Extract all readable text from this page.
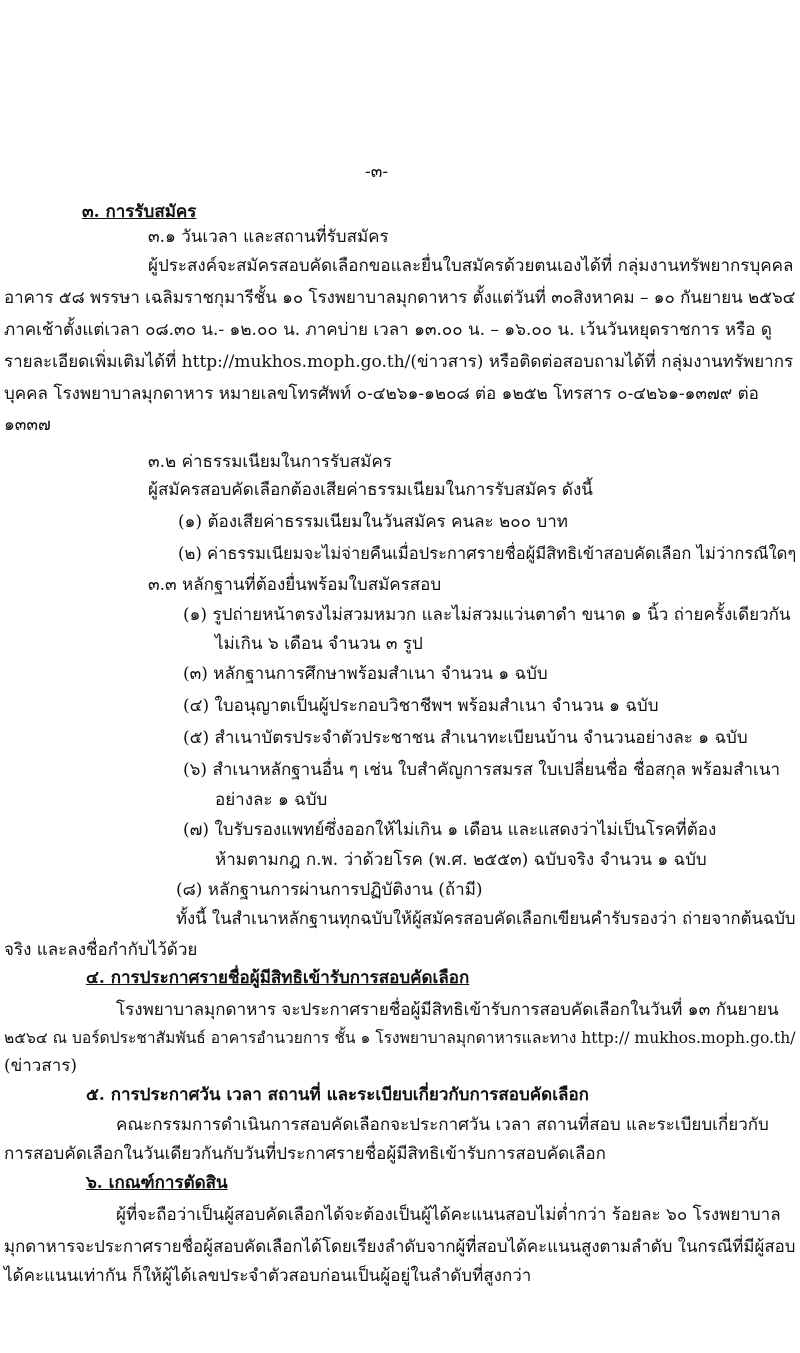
-๓-
๓. การรับสมัคร
๓.๑ วันเวลา และสถานที่รับสมัคร
ผู้ประสงค์จะสมัครสอบคัดเลือกขอและยื่นใบสมัครด้วยตนเองได้ที่ กลุ่มงานทรัพยากรบุคคล
อาคาร ๕๘ พรรษา เฉลิมราชกุมารีชั้น ๑๐ โรงพยาบาลมุกดาหาร ตั้งแต่วันที่ ๓๐สิงหาคม – ๑๐ กันยายน ๒๕๖๔
ภาคเช้าตั้งแต่เวลา ๐๘.๓๐ น.- ๑๒.๐๐ น. ภาคบ่าย เวลา ๑๓.๐๐ น. – ๑๖.๐๐ น. เว้นวันหยุดราชการ หรือ ดู
รายละเอียดเพิ่มเติมได้ที่ http://mukhos.moph.go.th/(ข่าวสาร) หรือติดต่อสอบถามได้ที่ กลุ่มงานทรัพยากร
บุคคล โรงพยาบาลมุกดาหาร หมายเลขโทรศัพท์ ๐-๔๒๖๑-๑๒๐๘ ต่อ ๑๒๕๒ โทรสาร ๐-๔๒๖๑-๑๓๗๙ ต่อ
๑๓๓๗
๓.๒ ค่าธรรมเนียมในการรับสมัคร
ผู้สมัครสอบคัดเลือกต้องเสียค่าธรรมเนียมในการรับสมัคร ดังนี้
(๑) ต้องเสียค่าธรรมเนียมในวันสมัคร คนละ ๒๐๐ บาท
(๒) ค่าธรรมเนียมจะไม่จ่ายคืนเมื่อประกาศรายชื่อผู้มีสิทธิเข้าสอบคัดเลือก ไม่ว่ากรณีใดๆ
๓.๓ หลักฐานที่ต้องยื่นพร้อมใบสมัครสอบ
(๑) รูปถ่ายหน้าตรงไม่สวมหมวก และไม่สวมแว่นตาดำ ขนาด ๑ นิ้ว ถ่ายครั้งเดียวกัน
ไม่เกิน ๖ เดือน จำนวน ๓ รูป
(๓) หลักฐานการศึกษาพร้อมสำเนา จำนวน ๑ ฉบับ
(๔) ใบอนุญาตเป็นผู้ประกอบวิชาชีพฯ พร้อมสำเนา จำนวน ๑ ฉบับ
(๕) สำเนาบัตรประจำตัวประชาชน สำเนาทะเบียนบ้าน จำนวนอย่างละ ๑ ฉบับ
(๖) สำเนาหลักฐานอื่น ๆ เช่น ใบสำคัญการสมรส ใบเปลี่ยนชื่อ ชื่อสกุล พร้อมสำเนา
อย่างละ ๑ ฉบับ
(๗) ใบรับรองแพทย์ซึ่งออกให้ไม่เกิน ๑ เดือน และแสดงว่าไม่เป็นโรคที่ต้อง
ห้ามตามกฎ ก.พ. ว่าด้วยโรค (พ.ศ. ๒๕๕๓) ฉบับจริง จำนวน ๑ ฉบับ
(๘) หลักฐานการผ่านการปฏิบัติงาน (ถ้ามี)
ทั้งนี้ ในสำเนาหลักฐานทุกฉบับให้ผู้สมัครสอบคัดเลือกเขียนคำรับรองว่า ถ่ายจากต้นฉบับ
จริง และลงชื่อกำกับไว้ด้วย
๔. การประกาศรายชื่อผู้มีสิทธิเข้ารับการสอบคัดเลือก
โรงพยาบาลมุกดาหาร จะประกาศรายชื่อผู้มีสิทธิเข้ารับการสอบคัดเลือกในวันที่ ๑๓ กันยายน
๒๕๖๔ ณ บอร์ดประชาสัมพันธ์ อาคารอำนวยการ ชั้น ๑ โรงพยาบาลมุกดาหารและทาง http:// mukhos.moph.go.th/
(ข่าวสาร)
๕. การประกาศวัน เวลา สถานที่ และระเบียบเกี่ยวกับการสอบคัดเลือก
คณะกรรมการดำเนินการสอบคัดเลือกจะประกาศวัน เวลา สถานที่สอบ และระเบียบเกี่ยวกับ
การสอบคัดเลือกในวันเดียวกันกับวันที่ประกาศรายชื่อผู้มีสิทธิเข้ารับการสอบคัดเลือก
๖. เกณฑ์การตัดสิน
ผู้ที่จะถือว่าเป็นผู้สอบคัดเลือกได้จะต้องเป็นผู้ได้คะแนนสอบไม่ต่ำกว่า ร้อยละ ๖๐ โรงพยาบาล
มุกดาหารจะประกาศรายชื่อผู้สอบคัดเลือกได้โดยเรียงลำดับจากผู้ที่สอบได้คะแนนสูงตามลำดับ ในกรณีที่มีผู้สอบ
ได้คะแนนเท่ากัน ก็ให้ผู้ได้เลขประจำตัวสอบก่อนเป็นผู้อยู่ในลำดับที่สูงกว่า
